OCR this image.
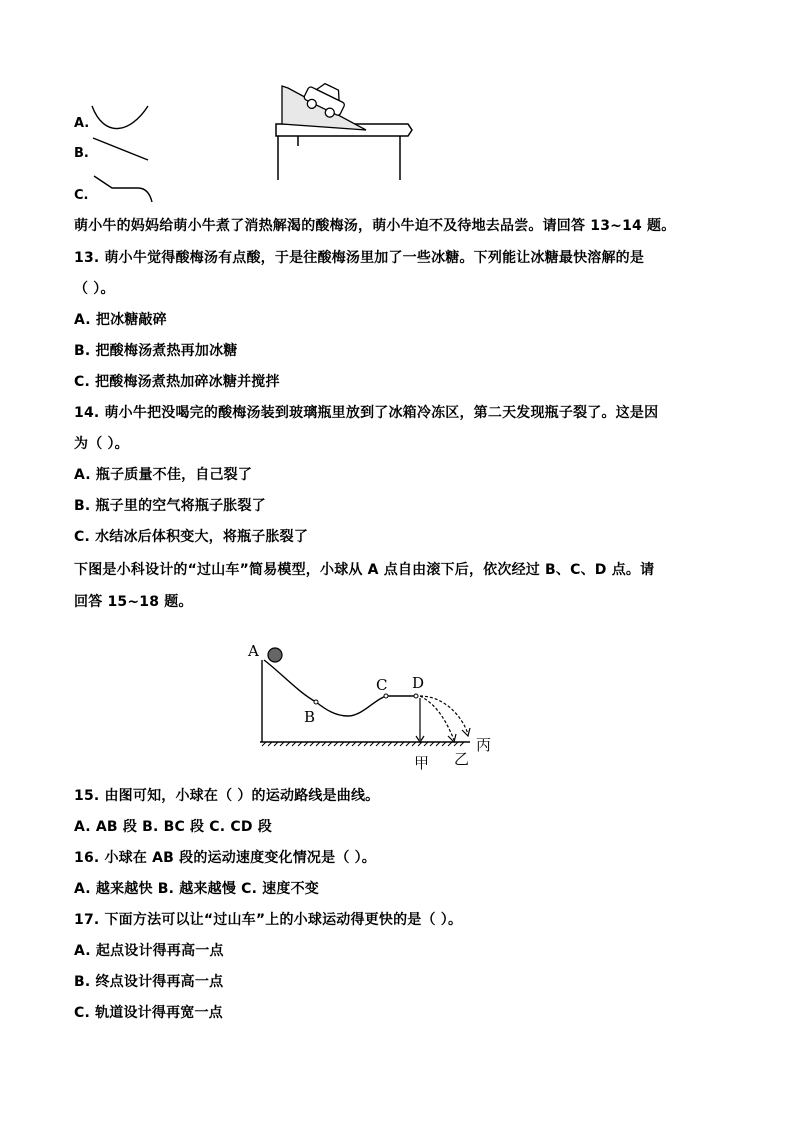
A.
B.
C.
萌小牛的妈妈给萌小牛煮了消热解渴的酸梅汤，萌小牛迫不及待地去品尝。请回答 13~14 题。
13. 萌小牛觉得酸梅汤有点酸，于是往酸梅汤里加了一些冰糖。下列能让冰糖最快溶解的是
（ ）。
A. 把冰糖敲碎
B. 把酸梅汤煮热再加冰糖
C. 把酸梅汤煮热加碎冰糖并搅拌
14. 萌小牛把没喝完的酸梅汤装到玻璃瓶里放到了冰箱冷冻区，第二天发现瓶子裂了。这是因
为（ ）。
A. 瓶子质量不佳，自己裂了
B. 瓶子里的空气将瓶子胀裂了
C. 水结冰后体积变大，将瓶子胀裂了
下图是小科设计的“过山车”简易模型，小球从 A 点自由滚下后，依次经过 B、C、D 点。请
回答 15~18 题。
A
B
C D
甲 乙
丙
15. 由图可知，小球在（ ）的运动路线是曲线。
A. AB 段 B. BC 段 C. CD 段
16. 小球在 AB 段的运动速度变化情况是（ ）。
A. 越来越快 B. 越来越慢 C. 速度不变
17. 下面方法可以让“过山车”上的小球运动得更快的是（ ）。
A. 起点设计得再高一点
B. 终点设计得再高一点
C. 轨道设计得再宽一点
